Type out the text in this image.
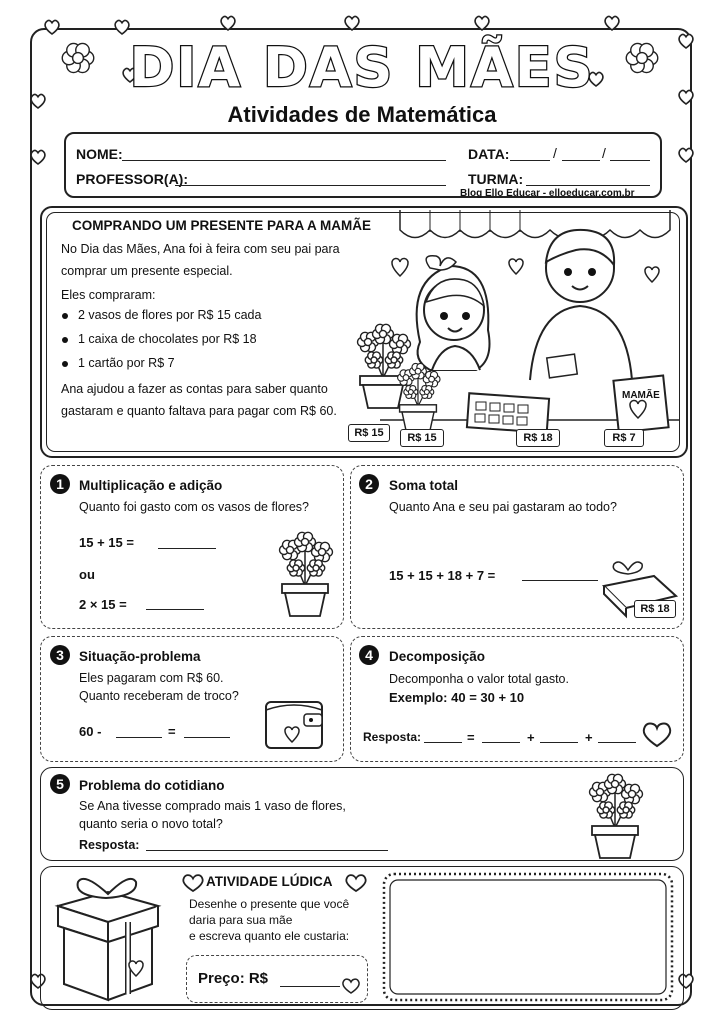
DIA DAS MÃES
Atividades de Matemática
NOME:	DATA:	/	/
PROFESSOR(A):	TURMA:
Blog Ello Educar - elloeducar.com.br
COMPRANDO UM PRESENTE PARA A MAMÃE
No Dia das Mães, Ana foi à feira com seu pai para
comprar um presente especial.
Eles compraram:
2 vasos de flores por R$ 15 cada
1 caixa de chocolates por R$ 18
1 cartão por R$ 7
Ana ajudou a fazer as contas para saber quanto
gastaram e quanto faltava para pagar com R$ 60.
MAMÃE
R$ 15	R$ 15	R$ 18	R$ 7
1	Multiplicação e adição
Quanto foi gasto com os vasos de flores?
15 + 15 =
ou
2 × 15 =
2	Soma total
Quanto Ana e seu pai gastaram ao todo?
15 + 15 + 18 + 7 =
R$ 18
3	Situação-problema
Eles pagaram com R$ 60.
Quanto receberam de troco?
60 -	=
4	Decomposição
Decomponha o valor total gasto.
Exemplo: 40 = 30 + 10
Resposta:	=	+	+
5	Problema do cotidiano
Se Ana tivesse comprado mais 1 vaso de flores,
quanto seria o novo total?
Resposta:
ATIVIDADE LÚDICA
Desenhe o presente que você
daria para sua mãe
e escreva quanto ele custaria:
Preço: R$
